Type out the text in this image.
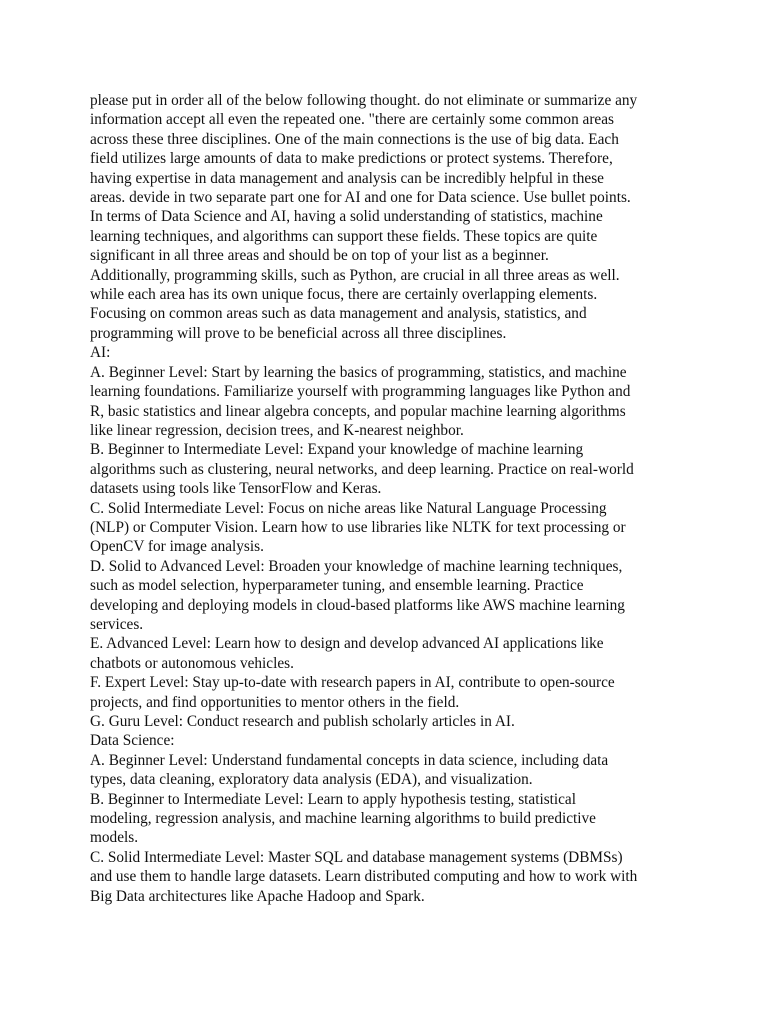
please put in order all of the below following thought. do not eliminate or summarize any

information accept all even the repeated one. "there are certainly some common areas

across these three disciplines. One of the main connections is the use of big data. Each

field utilizes large amounts of data to make predictions or protect systems. Therefore,

having expertise in data management and analysis can be incredibly helpful in these

areas. devide in two separate part one for AI and one for Data science. Use bullet points.

In terms of Data Science and AI, having a solid understanding of statistics, machine

learning techniques, and algorithms can support these fields. These topics are quite

significant in all three areas and should be on top of your list as a beginner.

Additionally, programming skills, such as Python, are crucial in all three areas as well.

while each area has its own unique focus, there are certainly overlapping elements.

Focusing on common areas such as data management and analysis, statistics, and

programming will prove to be beneficial across all three disciplines.

AI:

A. Beginner Level: Start by learning the basics of programming, statistics, and machine

learning foundations. Familiarize yourself with programming languages like Python and

R, basic statistics and linear algebra concepts, and popular machine learning algorithms

like linear regression, decision trees, and K-nearest neighbor.

B. Beginner to Intermediate Level: Expand your knowledge of machine learning

algorithms such as clustering, neural networks, and deep learning. Practice on real-world

datasets using tools like TensorFlow and Keras.

C. Solid Intermediate Level: Focus on niche areas like Natural Language Processing

(NLP) or Computer Vision. Learn how to use libraries like NLTK for text processing or

OpenCV for image analysis.

D. Solid to Advanced Level: Broaden your knowledge of machine learning techniques,

such as model selection, hyperparameter tuning, and ensemble learning. Practice

developing and deploying models in cloud-based platforms like AWS machine learning

services.

E. Advanced Level: Learn how to design and develop advanced AI applications like

chatbots or autonomous vehicles.

F. Expert Level: Stay up-to-date with research papers in AI, contribute to open-source

projects, and find opportunities to mentor others in the field.

G. Guru Level: Conduct research and publish scholarly articles in AI.

Data Science:

A. Beginner Level: Understand fundamental concepts in data science, including data

types, data cleaning, exploratory data analysis (EDA), and visualization.

B. Beginner to Intermediate Level: Learn to apply hypothesis testing, statistical

modeling, regression analysis, and machine learning algorithms to build predictive

models.

C. Solid Intermediate Level: Master SQL and database management systems (DBMSs)

and use them to handle large datasets. Learn distributed computing and how to work with

Big Data architectures like Apache Hadoop and Spark.
